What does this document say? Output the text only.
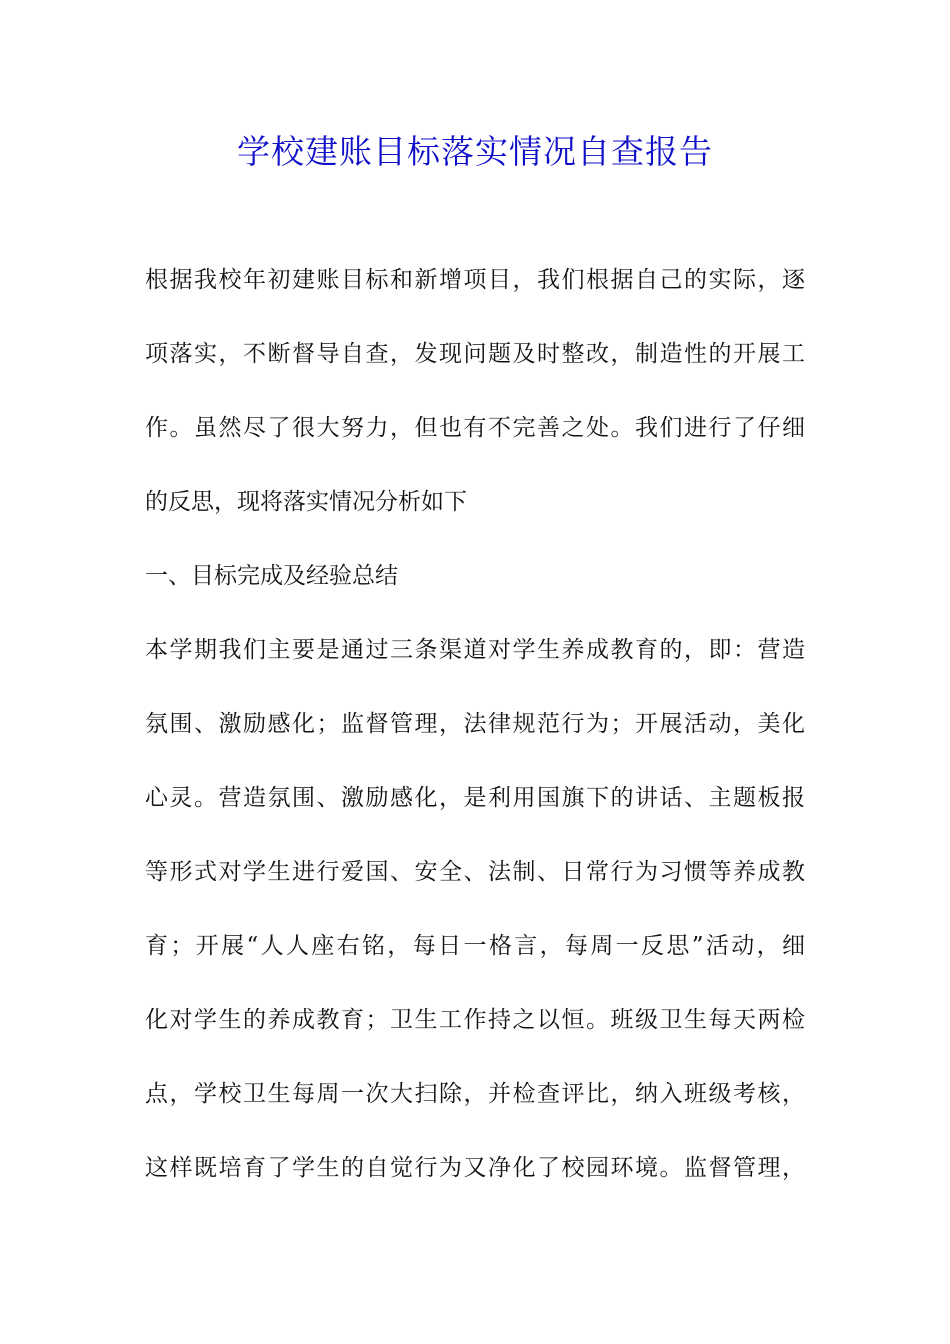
学校建账目标落实情况自查报告
根据我校年初建账目标和新增项目，我们根据自己的实际，逐
项落实，不断督导自查，发现问题及时整改，制造性的开展工
作。虽然尽了很大努力，但也有不完善之处。我们进行了仔细
的反思，现将落实情况分析如下
一、目标完成及经验总结
本学期我们主要是通过三条渠道对学生养成教育的，即：营造
氛围、激励感化；监督管理，法律规范行为；开展活动，美化
心灵。营造氛围、激励感化，是利用国旗下的讲话、主题板报
等形式对学生进行爱国、安全、法制、日常行为习惯等养成教
育；开展“人人座右铭，每日一格言，每周一反思”活动，细
化对学生的养成教育；卫生工作持之以恒。班级卫生每天两检
点，学校卫生每周一次大扫除，并检查评比，纳入班级考核，
这样既培育了学生的自觉行为又净化了校园环境。监督管理，
